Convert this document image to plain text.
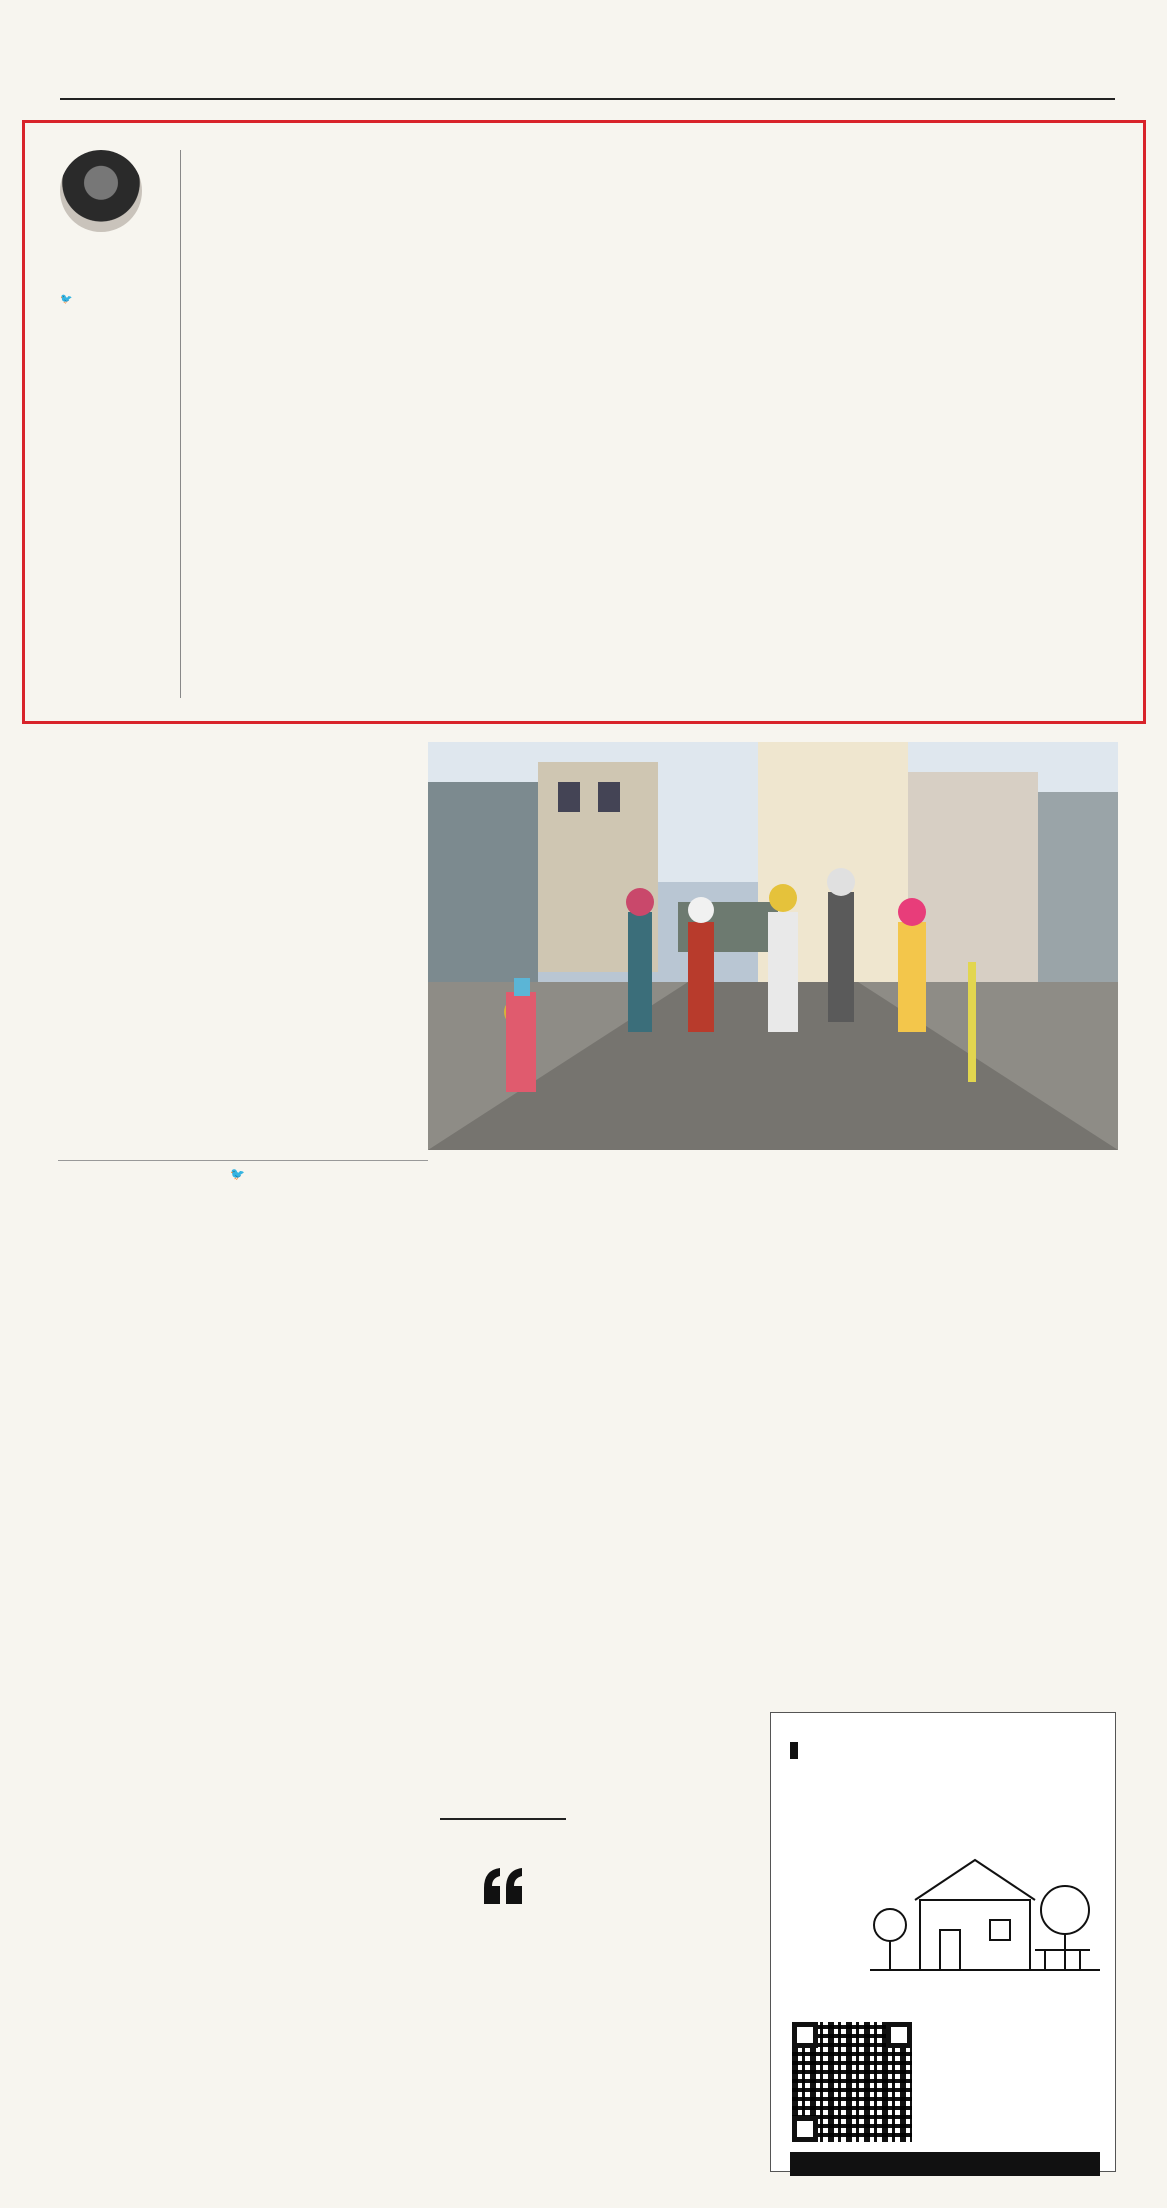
🐦

🐦
